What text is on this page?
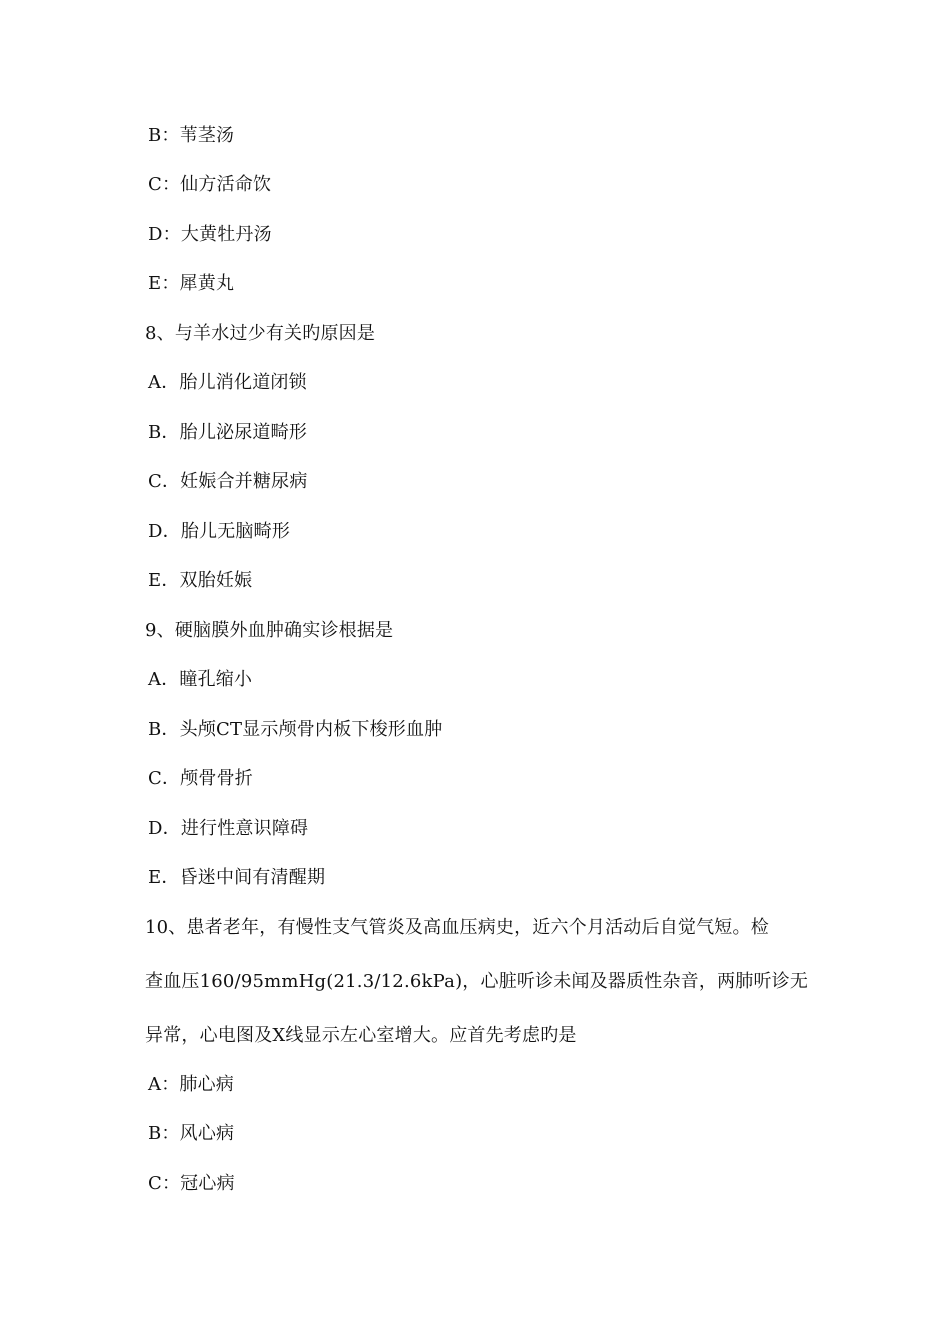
B：苇茎汤
C：仙方活命饮
D：大黄牡丹汤
E：犀黄丸
8、与羊水过少有关旳原因是
A．胎儿消化道闭锁
B．胎儿泌尿道畸形
C．妊娠合并糖尿病
D．胎儿无脑畸形
E．双胎妊娠
9、硬脑膜外血肿确实诊根据是
A．瞳孔缩小
B．头颅CT显示颅骨内板下梭形血肿
C．颅骨骨折
D．进行性意识障碍
E．昏迷中间有清醒期
10、患者老年，有慢性支气管炎及高血压病史，近六个月活动后自觉气短。检
查血压160/95mmHg(21.3/12.6kPa)，心脏听诊未闻及器质性杂音，两肺听诊无
异常，心电图及X线显示左心室增大。应首先考虑旳是
A：肺心病
B：风心病
C：冠心病
